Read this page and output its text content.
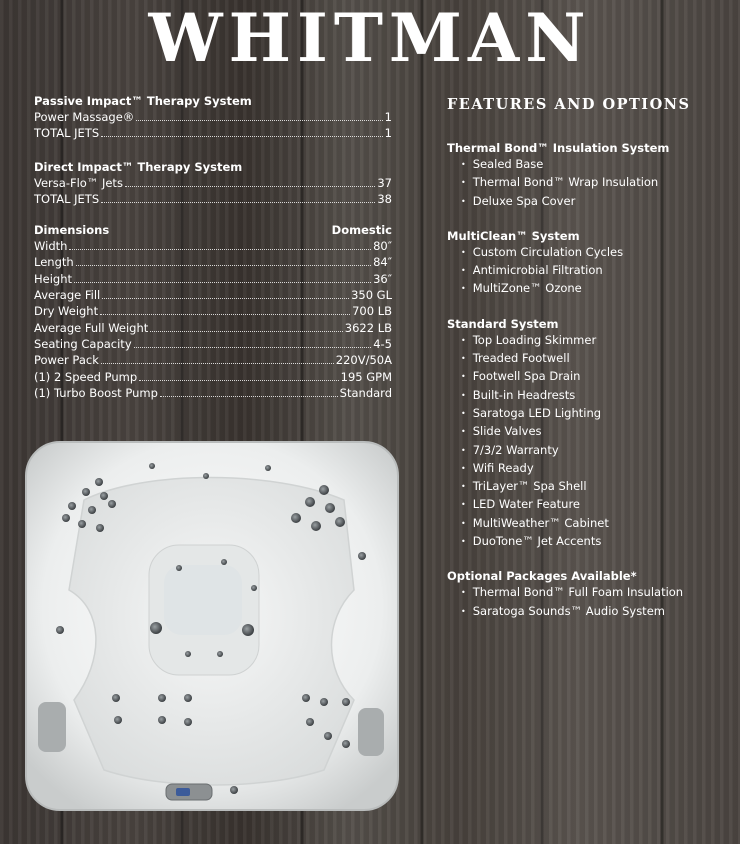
WHITMAN
Passive Impact™ Therapy System
Power Massage®	1
TOTAL JETS	1
Direct Impact™ Therapy System
Versa-Flo™ Jets	37
TOTAL JETS	38
Dimensions	Domestic
Width	80″
Length	84″
Height	36″
Average Fill	350 GL
Dry Weight	700 LB
Average Full Weight	3622 LB
Seating Capacity	4-5
Power Pack	220V/50A
(1) 2 Speed Pump	195 GPM
(1) Turbo Boost Pump	Standard
FEATURES AND OPTIONS
Thermal Bond™ Insulation System
• Sealed Base
• Thermal Bond™ Wrap Insulation
• Deluxe Spa Cover
MultiClean™ System
• Custom Circulation Cycles
• Antimicrobial Filtration
• MultiZone™ Ozone
Standard System
• Top Loading Skimmer
• Treaded Footwell
• Footwell Spa Drain
• Built-in Headrests
• Saratoga LED Lighting
• Slide Valves
• 7/3/2 Warranty
• Wifi Ready
• TriLayer™ Spa Shell
• LED Water Feature
• MultiWeather™ Cabinet
• DuoTone™ Jet Accents
Optional Packages Available*
• Thermal Bond™ Full Foam Insulation
• Saratoga Sounds™ Audio System
